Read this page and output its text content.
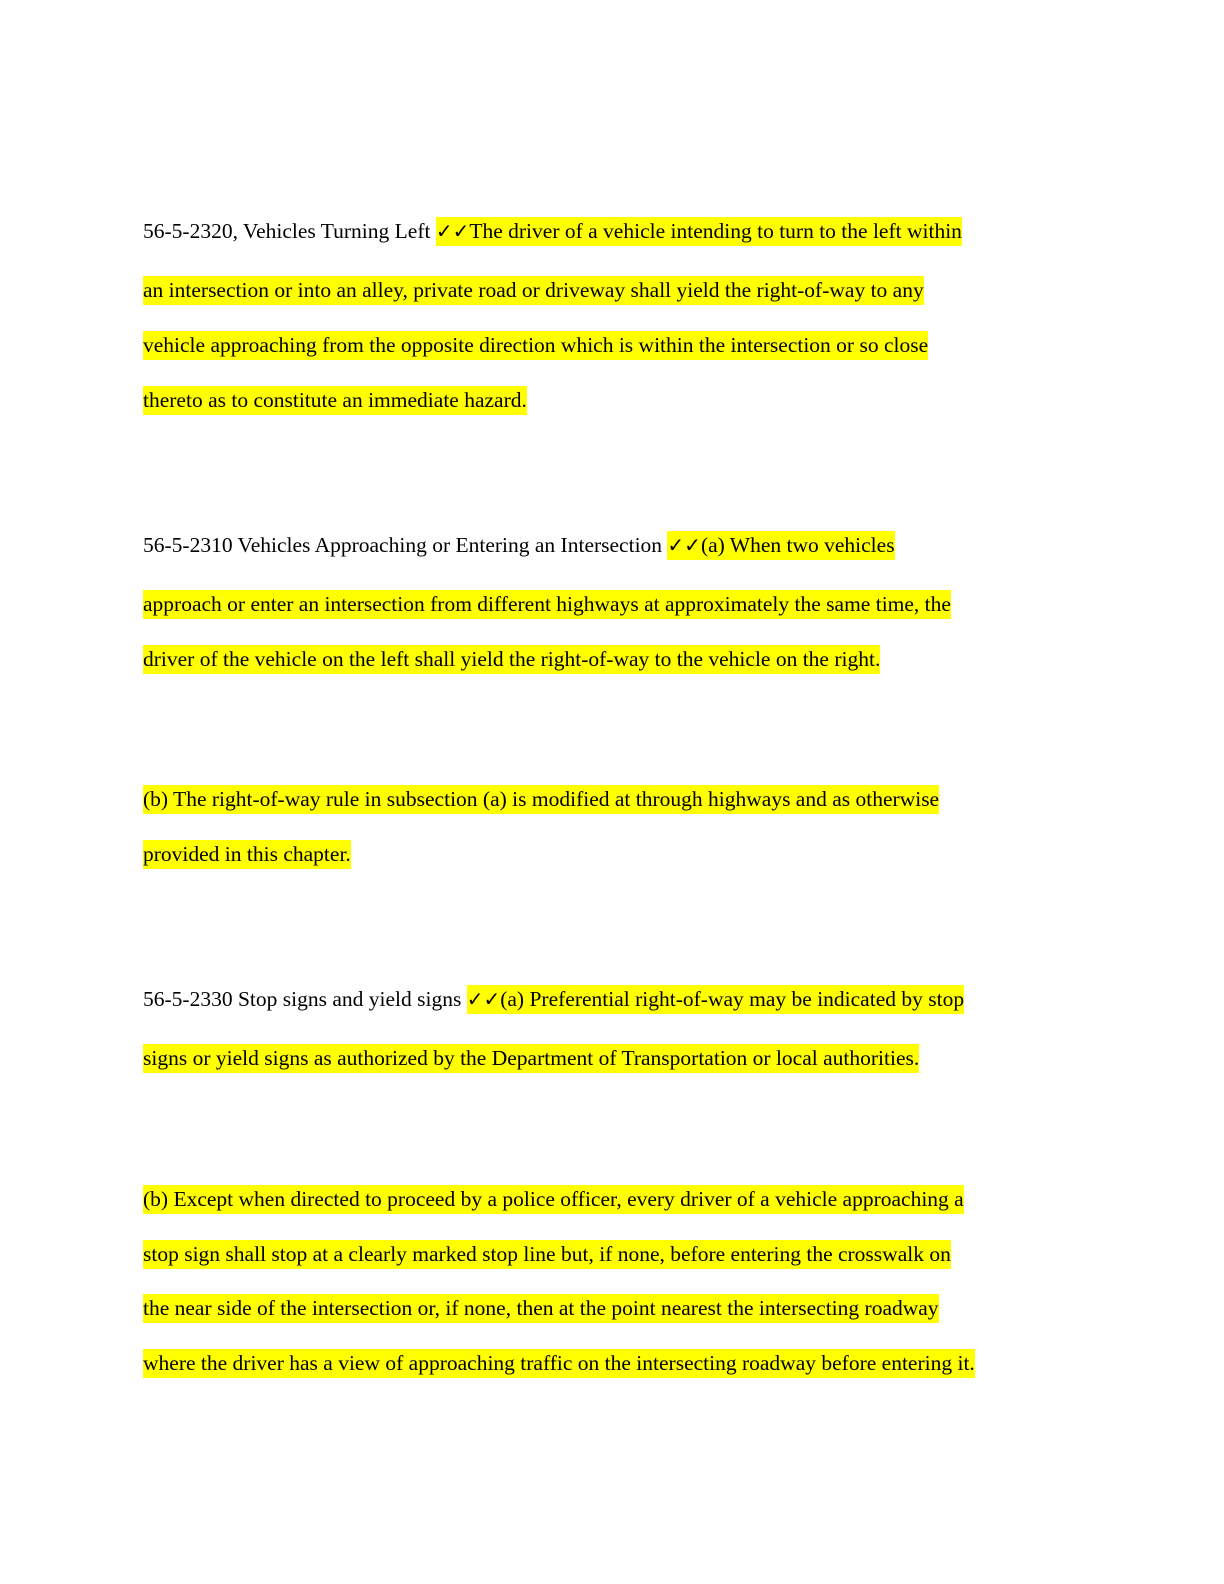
56-5-2320, Vehicles Turning Left ✓✓The driver of a vehicle intending to turn to the left within
an intersection or into an alley, private road or driveway shall yield the right-of-way to any
vehicle approaching from the opposite direction which is within the intersection or so close
thereto as to constitute an immediate hazard.
56-5-2310 Vehicles Approaching or Entering an Intersection ✓✓(a) When two vehicles
approach or enter an intersection from different highways at approximately the same time, the
driver of the vehicle on the left shall yield the right-of-way to the vehicle on the right.
(b) The right-of-way rule in subsection (a) is modified at through highways and as otherwise
provided in this chapter.
56-5-2330 Stop signs and yield signs ✓✓(a) Preferential right-of-way may be indicated by stop
signs or yield signs as authorized by the Department of Transportation or local authorities.
(b) Except when directed to proceed by a police officer, every driver of a vehicle approaching a
stop sign shall stop at a clearly marked stop line but, if none, before entering the crosswalk on
the near side of the intersection or, if none, then at the point nearest the intersecting roadway
where the driver has a view of approaching traffic on the intersecting roadway before entering it.
